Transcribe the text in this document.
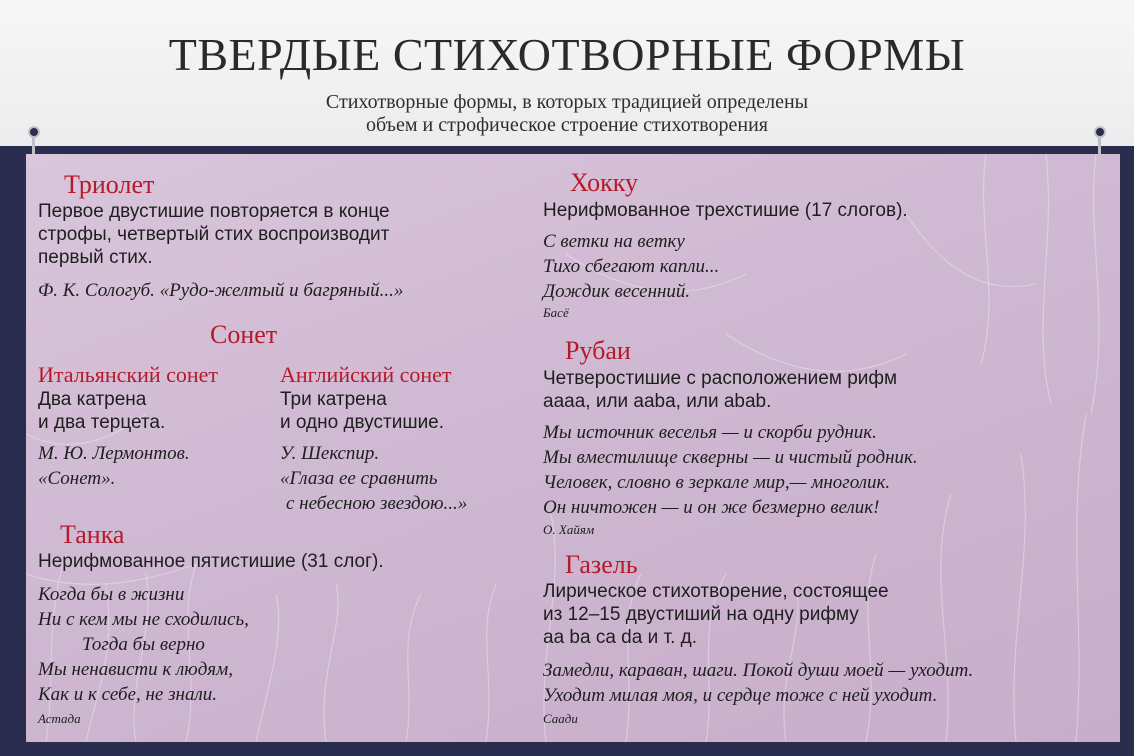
ТВЕРДЫЕ СТИХОТВОРНЫЕ ФОРМЫ
Стихотворные формы, в которых традицией определены
объем и строфическое строение стихотворения
Триолет
Первое двустишие повторяется в конце
строфы, четвертый стих воспроизводит
первый стих.
Ф. К. Сологуб. «Рудо-желтый и багряный...»
Сонет
Итальянский сонет
Два катрена
и два терцета.
М. Ю. Лермонтов.
«Сонет».
Английский сонет
Три катрена
и одно двустишие.
У. Шекспир.
«Глаза ее сравнить
с небесною звездою...»
Танка
Нерифмованное пятистишие (31 слог).
Когда бы в жизни
Ни с кем мы не сходились,
Тогда бы верно
Мы ненависти к людям,
Как и к себе, не знали.
Астада
Хокку
Нерифмованное трехстишие (17 слогов).
С ветки на ветку
Тихо сбегают капли...
Дождик весенний.
Басё
Рубаи
Четверостишие с расположением рифм
аааа, или aaba, или abab.
Мы источник веселья — и скорби рудник.
Мы вместилище скверны — и чистый родник.
Человек, словно в зеркале мир,— многолик.
Он ничтожен — и он же безмерно велик!
О. Хайям
Газель
Лирическое стихотворение, состоящее
из 12–15 двустиший на одну рифму
аа bа са dа и т. д.
Замедли, караван, шаги. Покой души моей — уходит.
Уходит милая моя, и сердце тоже с ней уходит.
Саади
